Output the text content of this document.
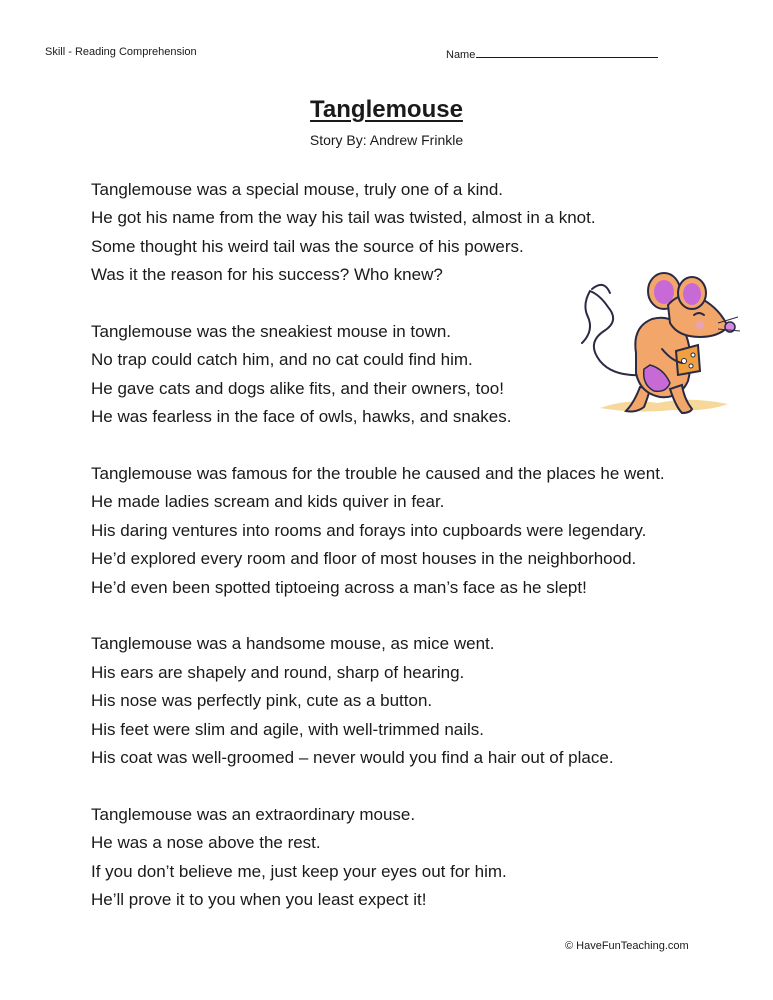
Skill - Reading Comprehension	Name
Tanglemouse
Story By: Andrew Frinkle
Tanglemouse was a special mouse, truly one of a kind.
He got his name from the way his tail was twisted, almost in a knot.
Some thought his weird tail was the source of his powers.
Was it the reason for his success? Who knew?
Tanglemouse was the sneakiest mouse in town.
No trap could catch him, and no cat could find him.
He gave cats and dogs alike fits, and their owners, too!
He was fearless in the face of owls, hawks, and snakes.
Tanglemouse was famous for the trouble he caused and the places he went.
He made ladies scream and kids quiver in fear.
His daring ventures into rooms and forays into cupboards were legendary.
He’d explored every room and floor of most houses in the neighborhood.
He’d even been spotted tiptoeing across a man’s face as he slept!
Tanglemouse was a handsome mouse, as mice went.
His ears are shapely and round, sharp of hearing.
His nose was perfectly pink, cute as a button.
His feet were slim and agile, with well-trimmed nails.
His coat was well-groomed – never would you find a hair out of place.
Tanglemouse was an extraordinary mouse.
He was a nose above the rest.
If you don’t believe me, just keep your eyes out for him.
He’ll prove it to you when you least expect it!
© HaveFunTeaching.com
